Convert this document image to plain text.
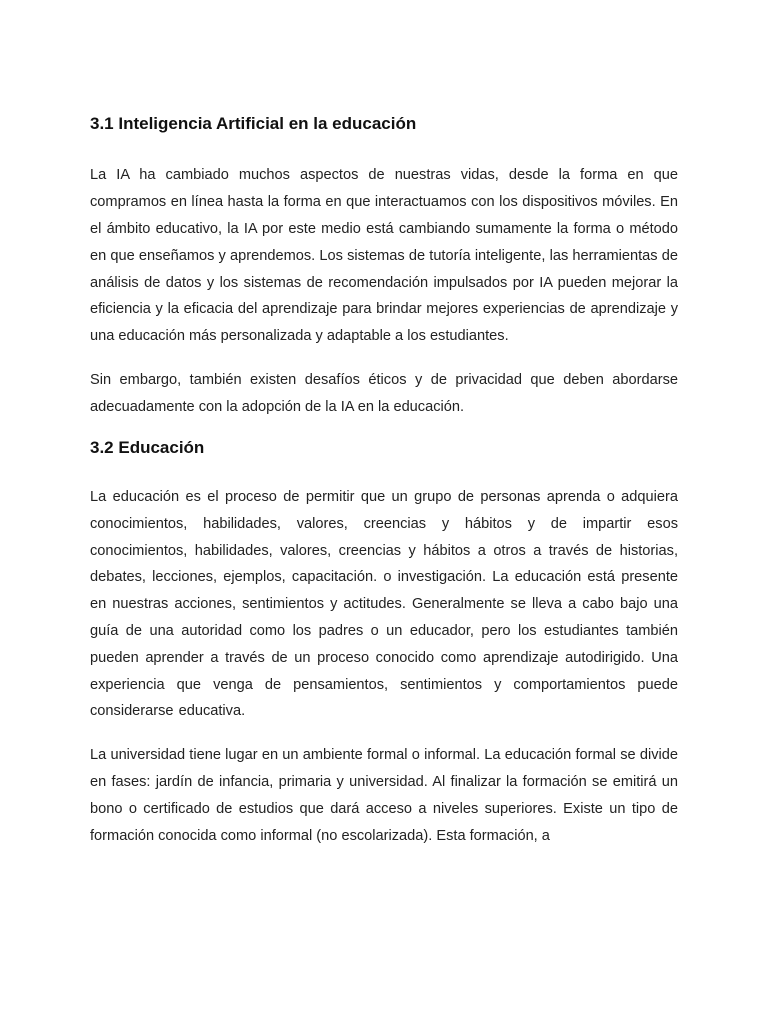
3.1 Inteligencia Artificial en la educación

La IA ha cambiado muchos aspectos de nuestras vidas, desde la forma en que compramos en línea hasta la forma en que interactuamos con los dispositivos móviles. En el ámbito educativo, la IA por este medio está cambiando sumamente la forma o método en que enseñamos y aprendemos. Los sistemas de tutoría inteligente, las herramientas de análisis de datos y los sistemas de recomendación impulsados por IA pueden mejorar la eficiencia y la eficacia del aprendizaje para brindar mejores experiencias de aprendizaje y una educación más personalizada y adaptable a los estudiantes.

Sin embargo, también existen desafíos éticos y de privacidad que deben abordarse adecuadamente con la adopción de la IA en la educación.

3.2 Educación

La educación es el proceso de permitir que un grupo de personas aprenda o adquiera conocimientos, habilidades, valores, creencias y hábitos y de impartir esos conocimientos, habilidades, valores, creencias y hábitos a otros a través de historias, debates, lecciones, ejemplos, capacitación. o investigación. La educación está presente en nuestras acciones, sentimientos y actitudes. Generalmente se lleva a cabo bajo una guía de una autoridad como los padres o un educador, pero los estudiantes también pueden aprender a través de un proceso conocido como aprendizaje autodirigido. Una experiencia que venga de pensamientos, sentimientos y comportamientos puede considerarse educativa.

La universidad tiene lugar en un ambiente formal o informal. La educación formal se divide en fases: jardín de infancia, primaria y universidad. Al finalizar la formación se emitirá un bono o certificado de estudios que dará acceso a niveles superiores. Existe un tipo de formación conocida como informal (no escolarizada). Esta formación, a
